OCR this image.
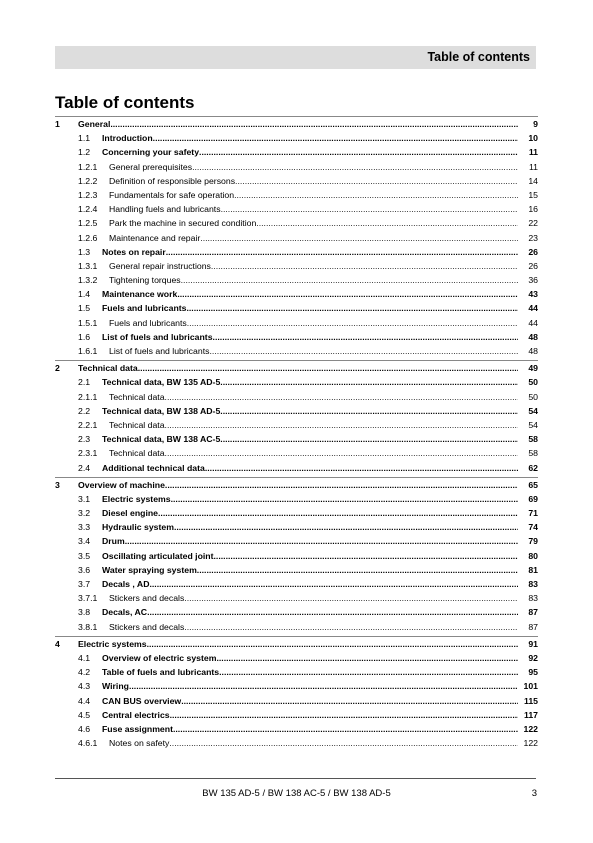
Table of contents
Table of contents
1 General .....	9
1.1	Introduction .....	10
1.2	Concerning your safety .....	11
1.2.1	General prerequisites .....	11
1.2.2	Definition of responsible persons .....	14
1.2.3	Fundamentals for safe operation .....	15
1.2.4	Handling fuels and lubricants .....	16
1.2.5	Park the machine in secured condition .....	22
1.2.6	Maintenance and repair .....	23
1.3	Notes on repair .....	26
1.3.1	General repair instructions .....	26
1.3.2	Tightening torques .....	36
1.4	Maintenance work .....	43
1.5	Fuels and lubricants .....	44
1.5.1	Fuels and lubricants .....	44
1.6	List of fuels and lubricants .....	48
1.6.1	List of fuels and lubricants .....	48
2 Technical data .....	49
2.1	Technical data, BW 135 AD-5 .....	50
2.1.1	Technical data .....	50
2.2	Technical data, BW 138 AD-5 .....	54
2.2.1	Technical data .....	54
2.3	Technical data, BW 138 AC-5 .....	58
2.3.1	Technical data .....	58
2.4	Additional technical data .....	62
3 Overview of machine .....	65
3.1	Electric systems .....	69
3.2	Diesel engine .....	71
3.3	Hydraulic system .....	74
3.4	Drum .....	79
3.5	Oscillating articulated joint .....	80
3.6	Water spraying system .....	81
3.7	Decals , AD .....	83
3.7.1	Stickers and decals .....	83
3.8	Decals, AC .....	87
3.8.1	Stickers and decals .....	87
4 Electric systems .....	91
4.1	Overview of electric system .....	92
4.2	Table of fuels and lubricants .....	95
4.3	Wiring .....	101
4.4	CAN BUS overview .....	115
4.5	Central electrics .....	117
4.6	Fuse assignment .....	122
4.6.1	Notes on safety .....	122
BW 135 AD-5 / BW 138 AC-5 / BW 138 AD-5	3
